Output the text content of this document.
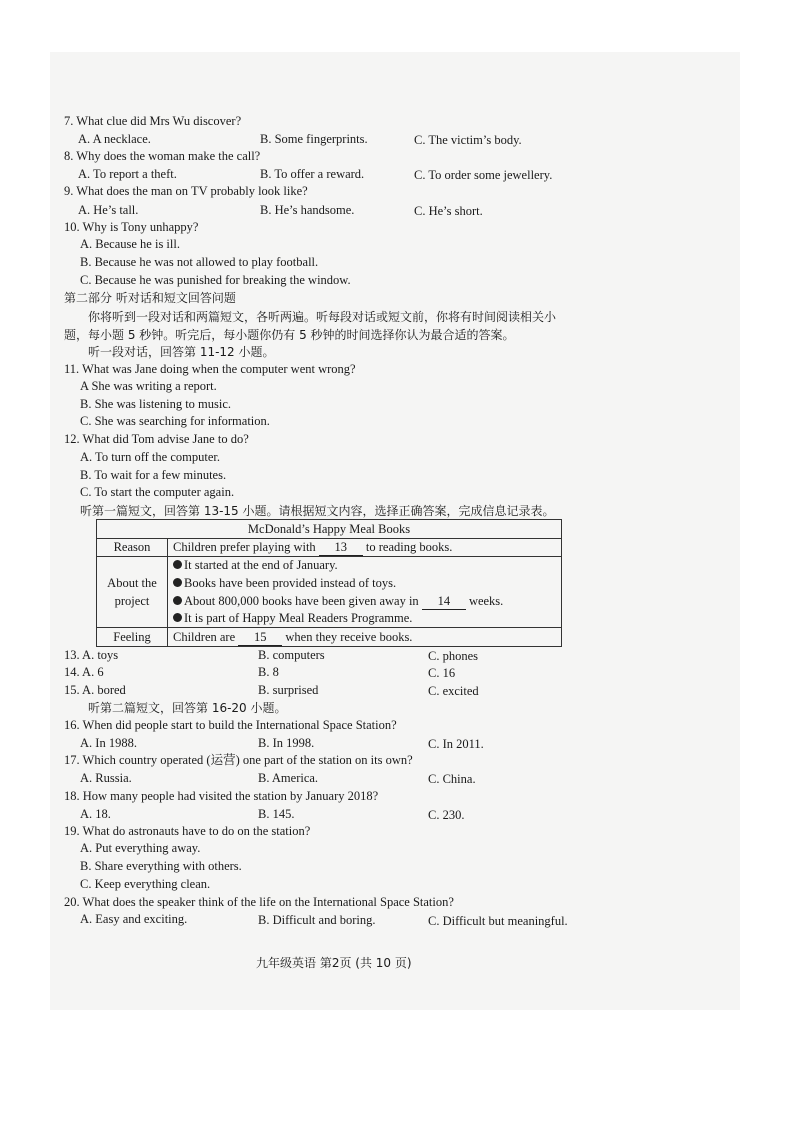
7. What clue did Mrs Wu discover?
A. A necklace.	B. Some fingerprints.	C. The victim’s body.
8. Why does the woman make the call?
A. To report a theft.	B. To offer a reward.	C. To order some jewellery.
9. What does the man on TV probably look like?
A. He’s tall.	B. He’s handsome.	C. He’s short.
10. Why is Tony unhappy?
A. Because he is ill.
B. Because he was not allowed to play football.
C. Because he was punished for breaking the window.
第二部分 听对话和短文回答问题
你将听到一段对话和两篇短文，各听两遍。听每段对话或短文前，你将有时间阅读相关小
题，每小题 5 秒钟。听完后，每小题你仍有 5 秒钟的时间选择你认为最合适的答案。
听一段对话，回答第 11-12 小题。
11. What was Jane doing when the computer went wrong?
A She was writing a report.
B. She was listening to music.
C. She was searching for information.
12. What did Tom advise Jane to do?
A. To turn off the computer.
B. To wait for a few minutes.
C. To start the computer again.
听第一篇短文，回答第 13-15 小题。请根据短文内容，选择正确答案，完成信息记录表。
McDonald’s Happy Meal Books
Reason	Children prefer playing with 13 to reading books.
About the
project
It started at the end of January.
Books have been provided instead of toys.
About 800,000 books have been given away in 14 weeks.
It is part of Happy Meal Readers Programme.
Feeling	Children are 15 when they receive books.
13. A. toys	B. computers	C. phones
14. A. 6	B. 8	C. 16
15. A. bored	B. surprised	C. excited
听第二篇短文，回答第 16-20 小题。
16. When did people start to build the International Space Station?
A. In 1988.	B. In 1998.	C. In 2011.
17. Which country operated (运营) one part of the station on its own?
A. Russia.	B. America.	C. China.
18. How many people had visited the station by January 2018?
A. 18.	B. 145.	C. 230.
19. What do astronauts have to do on the station?
A. Put everything away.
B. Share everything with others.
C. Keep everything clean.
20. What does the speaker think of the life on the International Space Station?
A. Easy and exciting.	B. Difficult and boring.	C. Difficult but meaningful.
九年级英语 第2页 (共 10 页)
